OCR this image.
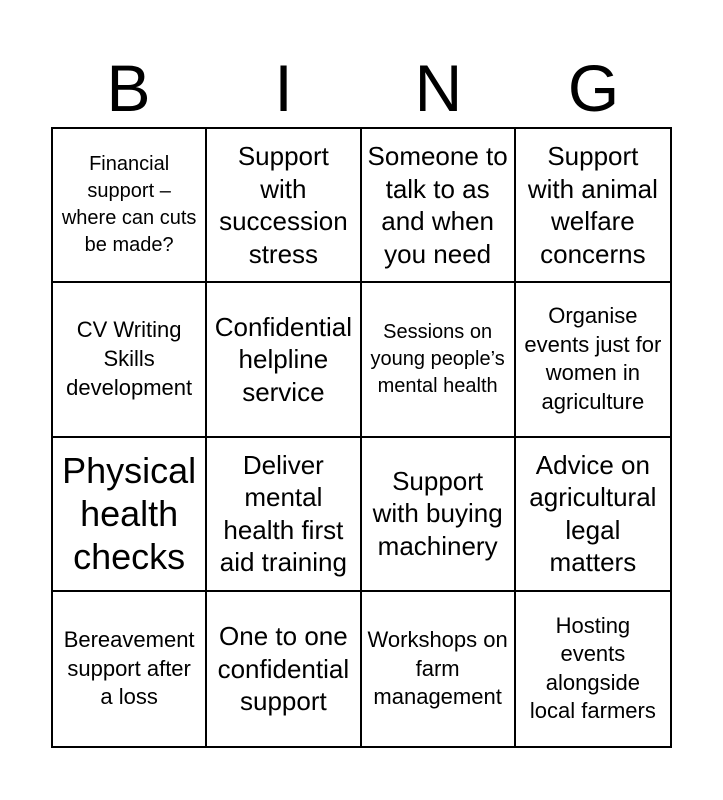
B	I	N	G
Financial support – where can cuts be made?
Support with succession stress
Someone to talk to as and when you need
Support with animal welfare concerns
CV Writing Skills development
Confidential helpline service
Sessions on young people’s mental health
Organise events just for women in agriculture
Physical health checks
Deliver mental health first aid training
Support with buying machinery
Advice on agricultural legal matters
Bereavement support after a loss
One to one confidential support
Workshops on farm management
Hosting events alongside local farmers
